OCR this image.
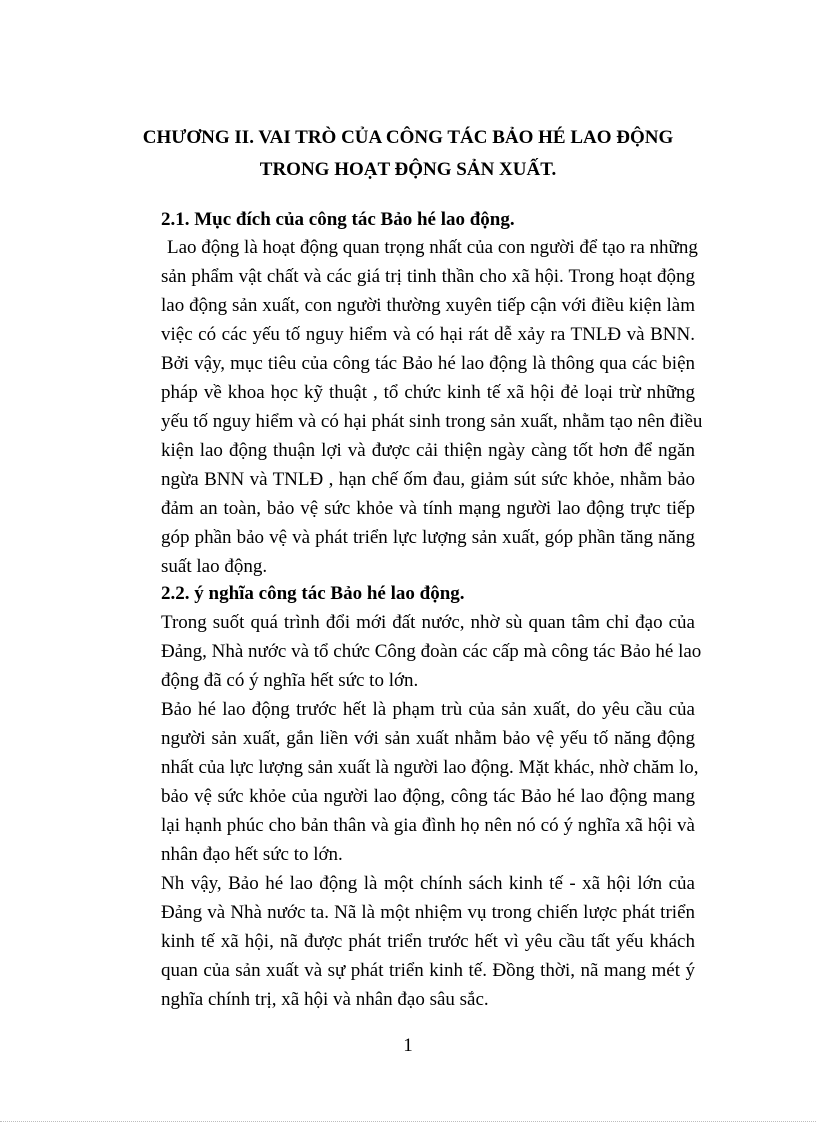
CHƯƠNG II. VAI TRÒ CỦA CÔNG TÁC BẢO HÉ LAO ĐỘNG
TRONG HOẠT ĐỘNG SẢN XUẤT.
2.1. Mục đích của công tác Bảo hé lao động.
Lao động là hoạt động quan trọng nhất của con người để tạo ra những
sản phẩm vật chất và các giá trị tinh thần cho xã hội. Trong hoạt động
lao động sản xuất, con người thường xuyên tiếp cận với điều kiện làm
việc có các yếu tố nguy hiểm và có hại rát dễ xảy ra TNLĐ và BNN.
Bởi vậy, mục tiêu của công tác Bảo hé lao động là thông qua các biện
pháp về khoa học kỹ thuật , tổ chức kinh tế xã hội đẻ loại trừ những
yếu tố nguy hiểm và có hại phát sinh trong sản xuất, nhằm tạo nên điều
kiện lao động thuận lợi và được cải thiện ngày càng tốt hơn để ngăn
ngừa BNN và TNLĐ , hạn chế ốm đau, giảm sút sức khỏe, nhằm bảo
đảm an toàn, bảo vệ sức khỏe và tính mạng người lao động trực tiếp
góp phần bảo vệ và phát triển lực lượng sản xuất, góp phần tăng năng
suất lao động.
2.2. ý nghĩa công tác Bảo hé lao động.
Trong suốt quá trình đổi mới đất nước, nhờ sù quan tâm chỉ đạo của
Đảng, Nhà nước và tổ chức Công đoàn các cấp mà công tác Bảo hé lao
động đã có ý nghĩa hết sức to lớn.
Bảo hé lao động trước hết là phạm trù của sản xuất, do yêu cầu của
người sản xuất, gắn liền với sản xuất nhằm bảo vệ yếu tố năng động
nhất của lực lượng sản xuất là người lao động. Mặt khác, nhờ chăm lo,
bảo vệ sức khỏe của người lao động, công tác Bảo hé lao động mang
lại hạnh phúc cho bản thân và gia đình họ nên nó có ý nghĩa xã hội và
nhân đạo hết sức to lớn.
Nh vậy, Bảo hé lao động là một chính sách kinh tế - xã hội lớn của
Đảng và Nhà nước ta. Nã là một nhiệm vụ trong chiến lược phát triển
kinh tế xã hội, nã được phát triển trước hết vì yêu cầu tất yếu khách
quan của sản xuất và sự phát triển kinh tế. Đồng thời, nã mang mét ý
nghĩa chính trị, xã hội và nhân đạo sâu sắc.
1
